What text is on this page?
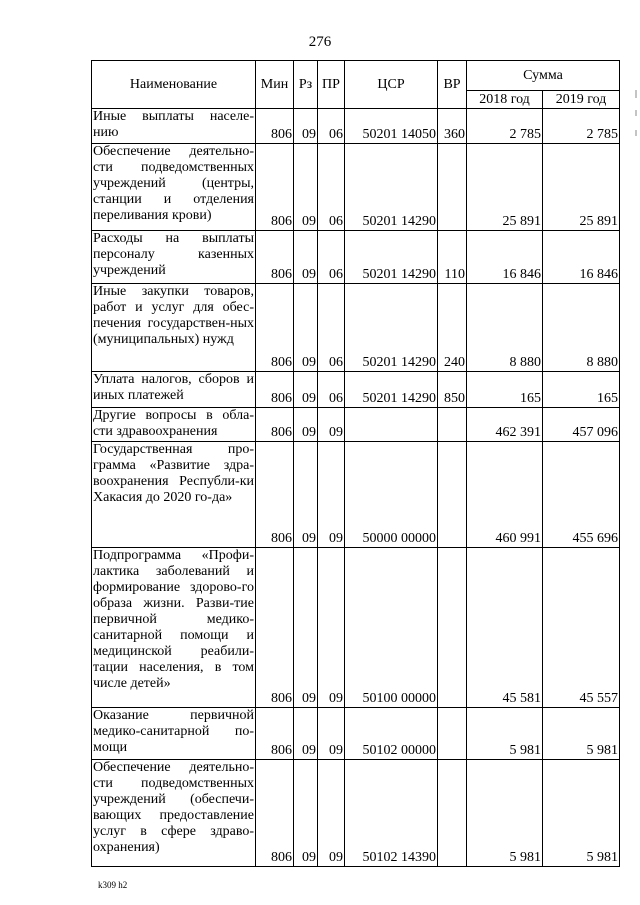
276
Наименование	Мин	Рз	ПР	ЦСР	ВР	Сумма	
						2018 год	2019 год
Иные выплаты населе-нию	806	09	06	50201 14050	360	2 785	2 785
Обеспечение деятельно-сти подведомственных учреждений (центры, станции и отделения переливания крови)	806	09	06	50201 14290		25 891	25 891
Расходы на выплаты персоналу казенных учреждений	806	09	06	50201 14290	110	16 846	16 846
Иные закупки товаров, работ и услуг для обес-печения государствен-ных (муниципальных) нужд	806	09	06	50201 14290	240	8 880	8 880
Уплата налогов, сборов и иных платежей	806	09	06	50201 14290	850	165	165
Другие вопросы в обла-сти здравоохранения	806	09	09			462 391	457 096
Государственная про-грамма «Развитие здра-воохранения Республи-ки Хакасия до 2020 го-да»	806	09	09	50000 00000		460 991	455 696
Подпрограмма «Профи-лактика заболеваний и формирование здорово-го образа жизни. Разви-тие первичной медико-санитарной помощи и медицинской реабили-тации населения, в том числе детей»	806	09	09	50100 00000		45 581	45 557
Оказание первичной медико-санитарной по-мощи	806	09	09	50102 00000		5 981	5 981
Обеспечение деятельно-сти подведомственных учреждений (обеспечи-вающих предоставление услуг в сфере здраво-охранения)	806	09	09	50102 14390		5 981	5 981
k309 h2
